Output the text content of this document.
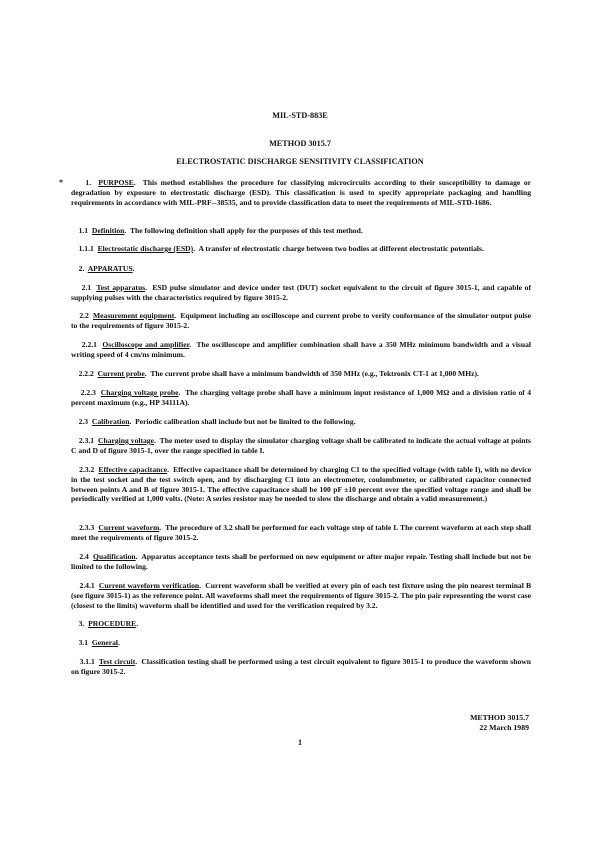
MIL-STD-883E
METHOD 3015.7
ELECTROSTATIC DISCHARGE SENSITIVITY CLASSIFICATION
*	1. PURPOSE.  This method establishes the procedure for classifying microcircuits according to their susceptibility to damage or degradation by exposure to electrostatic discharge (ESD). This classification is used to specify appropriate packaging and handling requirements in accordance with MIL-PRF--38535, and to provide classification data to meet the requirements of MIL-STD-1686.
1.1 Definition.  The following definition shall apply for the purposes of this test method.
1.1.1 Electrostatic discharge (ESD).  A transfer of electrostatic charge between two bodies at different electrostatic potentials.
2. APPARATUS.
2.1 Test apparatus.  ESD pulse simulator and device under test (DUT) socket equivalent to the circuit of figure 3015-1, and capable of supplying pulses with the characteristics required by figure 3015-2.
2.2 Measurement equipment.  Equipment including an oscilloscope and current probe to verify conformance of the simulator output pulse to the requirements of figure 3015-2.
2.2.1 Oscilloscope and amplifier.  The oscilloscope and amplifier combination shall have a 350 MHz minimum bandwidth and a visual writing speed of 4 cm/ns minimum.
2.2.2 Current probe.  The current probe shall have a minimum bandwidth of 350 MHz (e.g., Tektronix CT-1 at 1,000 MHz).
2.2.3 Charging voltage probe.  The charging voltage probe shall have a minimum input resistance of 1,000 MΩ and a division ratio of 4 percent maximum (e.g., HP 34111A).
2.3 Calibration.  Periodic calibration shall include but not be limited to the following.
2.3.1 Charging voltage.  The meter used to display the simulator charging voltage shall be calibrated to indicate the actual voltage at points C and D of figure 3015-1, over the range specified in table I.
2.3.2 Effective capacitance.  Effective capacitance shall be determined by charging C1 to the specified voltage (with table I), with no device in the test socket and the test switch open, and by discharging C1 into an electrometer, coulombmeter, or calibrated capacitor connected between points A and B of figure 3015-1. The effective capacitance shall be 100 pF ±10 percent over the specified voltage range and shall be periodically verified at 1,000 volts. (Note: A series resistor may be needed to slow the discharge and obtain a valid measurement.)
2.3.3 Current waveform.  The procedure of 3.2 shall be performed for each voltage step of table I. The current waveform at each step shall meet the requirements of figure 3015-2.
2.4 Qualification.  Apparatus acceptance tests shall be performed on new equipment or after major repair. Testing shall include but not be limited to the following.
2.4.1 Current waveform verification.  Current waveform shall be verified at every pin of each test fixture using the pin nearest terminal B (see figure 3015-1) as the reference point. All waveforms shall meet the requirements of figure 3015-2. The pin pair representing the worst case (closest to the limits) waveform shall be identified and used for the verification required by 3.2.
3. PROCEDURE.
3.1 General.
3.1.1 Test circuit.  Classification testing shall be performed using a test circuit equivalent to figure 3015-1 to produce the waveform shown on figure 3015-2.
METHOD 3015.7
22 March 1989
1
